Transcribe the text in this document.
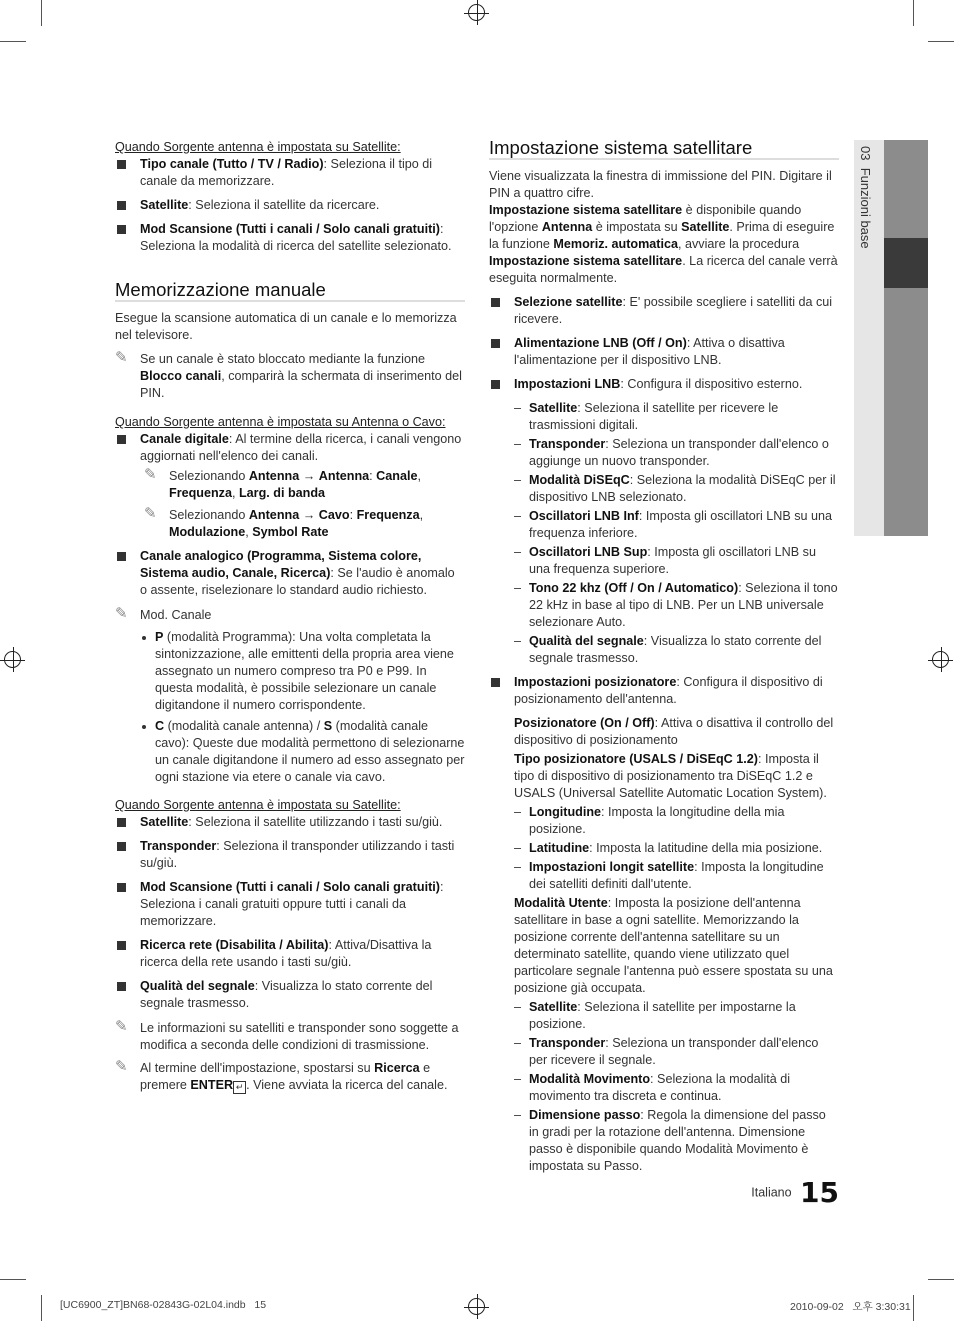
03  Funzioni base

Quando Sorgente antenna è impostata su Satellite:

Tipo canale (Tutto / TV / Radio): Seleziona il tipo di canale da memorizzare.
Satellite: Seleziona il satellite da ricercare.
Mod Scansione (Tutti i canali / Solo canali gratuiti): Seleziona la modalità di ricerca del satellite selezionato.
Memorizzazione manuale

Esegue la scansione automatica di un canale e lo memorizza nel televisore.

✎ Se un canale è stato bloccato mediante la funzione Blocco canali, comparirà la schermata di inserimento del PIN.

Quando Sorgente antenna è impostata su Antenna o Cavo:

Canale digitale: Al termine della ricerca, i canali vengono aggiornati nell'elenco dei canali.
✎ Selezionando Antenna → Antenna: Canale, Frequenza, Larg. di banda
✎ Selezionando Antenna → Cavo: Frequenza, Modulazione, Symbol Rate
Canale analogico (Programma, Sistema colore, Sistema audio, Canale, Ricerca): Se l'audio è anomalo o assente, riselezionare lo standard audio richiesto.
✎ Mod. Canale
P (modalità Programma): Una volta completata la sintonizzazione, alle emittenti della propria area viene assegnato un numero compreso tra P0 e P99. In questa modalità, è possibile selezionare un canale digitandone il numero corrispondente.
C (modalità canale antenna) / S (modalità canale cavo): Queste due modalità permettono di selezionarne un canale digitandone il numero ad esso assegnato per ogni stazione via etere o canale via cavo.

Quando Sorgente antenna è impostata su Satellite:

Satellite: Seleziona il satellite utilizzando i tasti su/giù.
Transponder: Seleziona il transponder utilizzando i tasti su/giù.
Mod Scansione (Tutti i canali / Solo canali gratuiti): Seleziona i canali gratuiti oppure tutti i canali da memorizzare.
Ricerca rete (Disabilita / Abilita): Attiva/Disattiva la ricerca della rete usando i tasti su/giù.
Qualità del segnale: Visualizza lo stato corrente del segnale trasmesso.
✎ Le informazioni su satelliti e transponder sono soggette a modifica a seconda delle condizioni di trasmissione.
✎ Al termine dell'impostazione, spostarsi su Ricerca e premere ENTER ↵ . Viene avviata la ricerca del canale.
Impostazione sistema satellitare

Viene visualizzata la finestra di immissione del PIN. Digitare il PIN a quattro cifre.

Impostazione sistema satellitare è disponibile quando l'opzione Antenna è impostata su Satellite. Prima di eseguire la funzione Memoriz. automatica, avviare la procedura Impostazione sistema satellitare. La ricerca del canale verrà eseguita normalmente.

Selezione satellite: E' possibile scegliere i satelliti da cui ricevere.
Alimentazione LNB (Off / On): Attiva o disattiva l'alimentazione per il dispositivo LNB.
Impostazioni LNB: Configura il dispositivo esterno.
– Satellite: Seleziona il satellite per ricevere le trasmissioni digitali.
– Transponder: Seleziona un transponder dall'elenco o aggiunge un nuovo transponder.
– Modalità DiSEqC: Seleziona la modalità DiSEqC per il dispositivo LNB selezionato.
– Oscillatori LNB Inf: Imposta gli oscillatori LNB su una frequenza inferiore.
– Oscillatori LNB Sup: Imposta gli oscillatori LNB su una frequenza superiore.
– Tono 22 khz (Off / On / Automatico): Seleziona il tono 22 kHz in base al tipo di LNB. Per un LNB universale selezionare Auto.
– Qualità del segnale: Visualizza lo stato corrente del segnale trasmesso.
Impostazioni posizionatore: Configura il dispositivo di posizionamento dell'antenna.
Posizionatore (On / Off): Attiva o disattiva il controllo del dispositivo di posizionamento
Tipo posizionatore (USALS / DiSEqC 1.2): Imposta il tipo di dispositivo di posizionamento tra DiSEqC 1.2 e USALS (Universal Satellite Automatic Location System).
– Longitudine: Imposta la longitudine della mia posizione.
– Latitudine: Imposta la latitudine della mia posizione.
– Impostazioni longit satellite: Imposta la longitudine dei satelliti definiti dall'utente.
Modalità Utente: Imposta la posizione dell'antenna satellitare in base a ogni satellite. Memorizzando la posizione corrente dell'antenna satellitare su un determinato satellite, quando viene utilizzato quel particolare segnale l'antenna può essere spostata su una posizione già occupata.
– Satellite: Seleziona il satellite per impostarne la posizione.
– Transponder: Seleziona un transponder dall'elenco per ricevere il segnale.
– Modalità Movimento: Seleziona la modalità di movimento tra discreta e continua.
– Dimensione passo: Regola la dimensione del passo in gradi per la rotazione dell'antenna. Dimensione passo è disponibile quando Modalità Movimento è impostata su Passo.
Italiano 15
[UC6900_ZT]BN68-02843G-02L04.indb   15	2010-09-02   오후 3:30:31
